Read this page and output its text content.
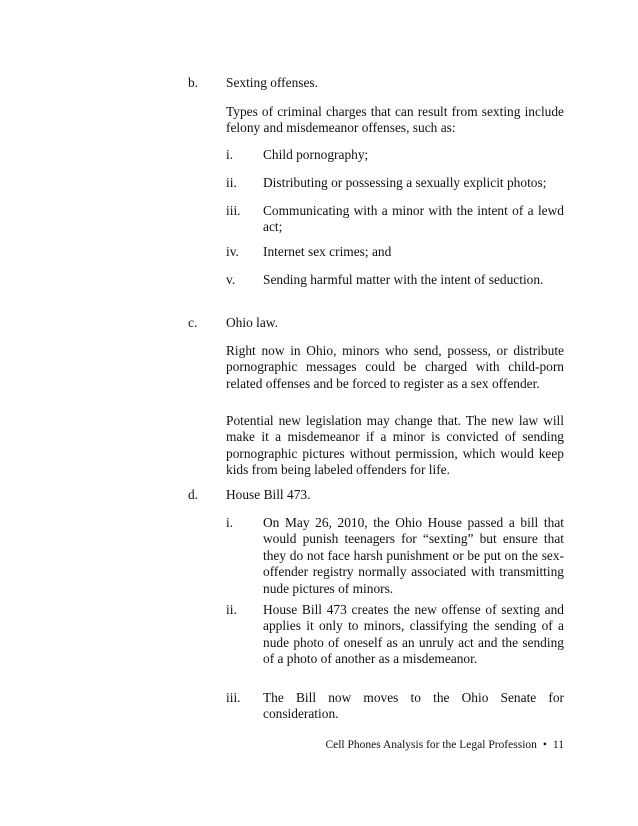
b. Sexting offenses.

Types of criminal charges that can result from sexting include felony and misdemeanor offenses, such as:

i. Child pornography;

ii. Distributing or possessing a sexually explicit photos;

iii. Communicating with a minor with the intent of a lewd act;

iv. Internet sex crimes; and

v. Sending harmful matter with the intent of seduction.

c. Ohio law.

Right now in Ohio, minors who send, possess, or distribute pornographic messages could be charged with child-porn related offenses and be forced to register as a sex offender.

Potential new legislation may change that. The new law will make it a misdemeanor if a minor is convicted of sending pornographic pictures without permission, which would keep kids from being labeled offenders for life.

d. House Bill 473.
i. On May 26, 2010, the Ohio House passed a bill that would punish teenagers for “sexting” but ensure that they do not face harsh punishment or be put on the sex-offender registry normally associated with transmitting nude pictures of minors.

ii. House Bill 473 creates the new offense of sexting and applies it only to minors, classifying the sending of a nude photo of oneself as an unruly act and the sending of a photo of another as a misdemeanor.

iii. The Bill now moves to the Ohio Senate for consideration.

Cell Phones Analysis for the Legal Profession • 11
